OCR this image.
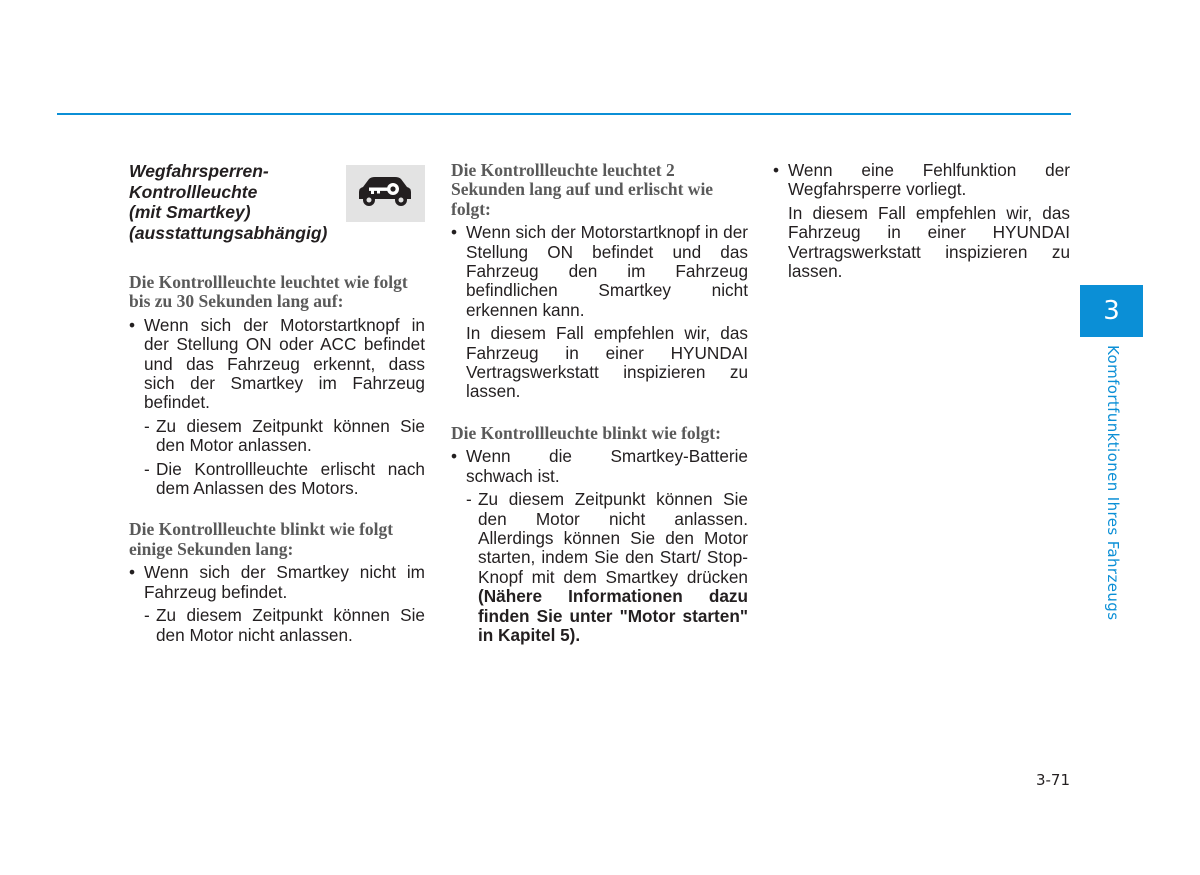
Wegfahrsperren-
Kontrollleuchte
(mit Smartkey)
(ausstattungsabhängig)

Die Kontrollleuchte leuchtet wie folgt bis zu 30 Sekunden lang auf:

• Wenn sich der Motorstartknopf in der Stellung ON oder ACC befindet und das Fahrzeug erkennt, dass sich der Smartkey im Fahrzeug befindet.
- Zu diesem Zeitpunkt können Sie den Motor anlassen.
- Die Kontrollleuchte erlischt nach dem Anlassen des Motors.

Die Kontrollleuchte blinkt wie folgt einige Sekunden lang:

• Wenn sich der Smartkey nicht im Fahrzeug befindet.
- Zu diesem Zeitpunkt können Sie den Motor nicht anlassen.

Die Kontrollleuchte leuchtet 2 Sekunden lang auf und erlischt wie folgt:

• Wenn sich der Motorstartknopf in der Stellung ON befindet und das Fahrzeug den im Fahrzeug befindlichen Smartkey nicht erkennen kann.
In diesem Fall empfehlen wir, das Fahrzeug in einer HYUNDAI Vertragswerkstatt inspizieren zu lassen.

Die Kontrollleuchte blinkt wie folgt:

• Wenn die Smartkey-Batterie schwach ist.
- Zu diesem Zeitpunkt können Sie den Motor nicht anlassen. Allerdings können Sie den Motor starten, indem Sie den Start/ Stop-Knopf mit dem Smartkey drücken (Nähere Informationen dazu finden Sie unter "Motor starten" in Kapitel 5).
• Wenn eine Fehlfunktion der Wegfahrsperre vorliegt.
In diesem Fall empfehlen wir, das Fahrzeug in einer HYUNDAI Vertragswerkstatt inspizieren zu lassen.
3
Komfortfunktionen Ihres Fahrzeugs
3-71
